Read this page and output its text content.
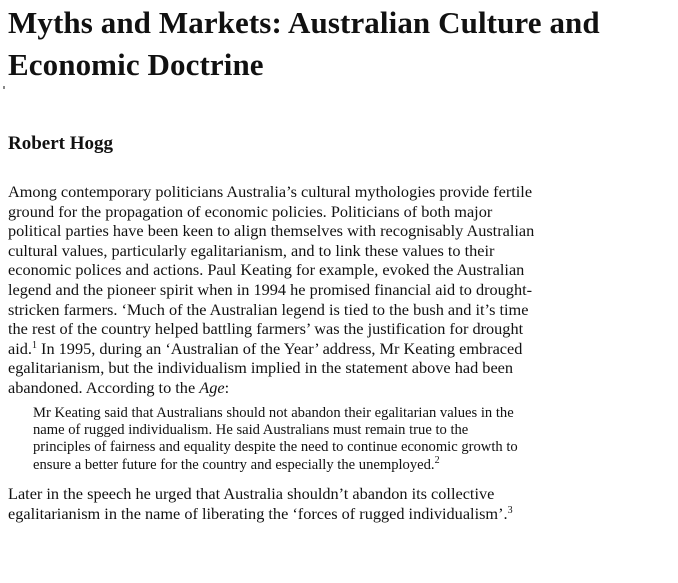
Myths and Markets: Australian Culture and
Economic Doctrine
Robert Hogg
Among contemporary politicians Australia’s cultural mythologies provide fertile
ground for the propagation of economic policies. Politicians of both major
political parties have been keen to align themselves with recognisably Australian
cultural values, particularly egalitarianism, and to link these values to their
economic polices and actions. Paul Keating for example, evoked the Australian
legend and the pioneer spirit when in 1994 he promised financial aid to drought-
stricken farmers. ‘Much of the Australian legend is tied to the bush and it’s time
the rest of the country helped battling farmers’ was the justification for drought
aid.$^1$ In 1995, during an ‘Australian of the Year’ address, Mr Keating embraced
egalitarianism, but the individualism implied in the statement above had been
abandoned. According to the Age:
Mr Keating said that Australians should not abandon their egalitarian values in the
name of rugged individualism. He said Australians must remain true to the
principles of fairness and equality despite the need to continue economic growth to
ensure a better future for the country and especially the unemployed.$^2$
Later in the speech he urged that Australia shouldn’t abandon its collective
egalitarianism in the name of liberating the ‘forces of rugged individualism’.$^3$
